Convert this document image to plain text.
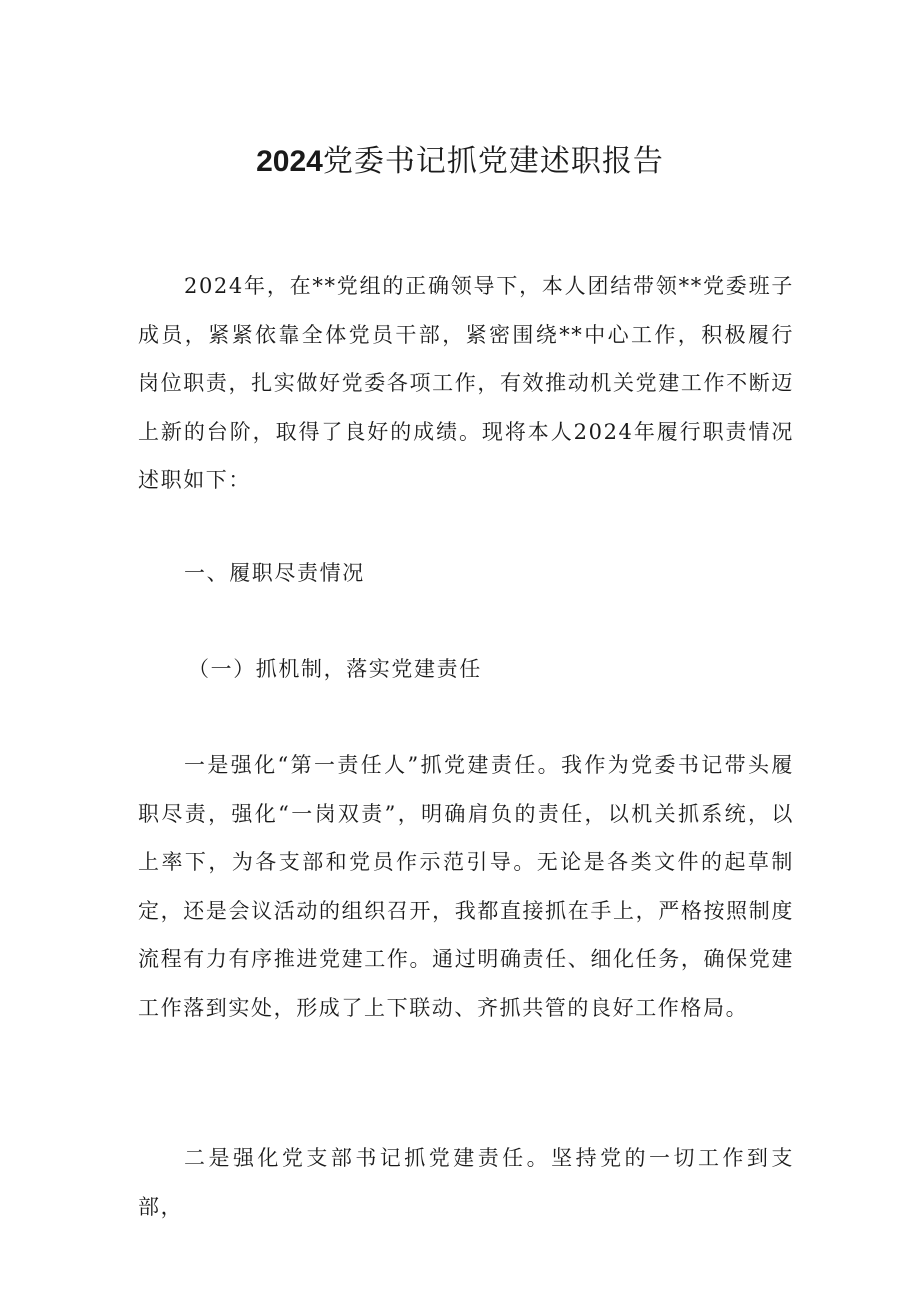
2024党委书记抓党建述职报告

2024年，在**党组的正确领导下，本人团结带领**党委班子成员，紧紧依靠全体党员干部，紧密围绕**中心工作，积极履行岗位职责，扎实做好党委各项工作，有效推动机关党建工作不断迈上新的台阶，取得了良好的成绩。现将本人2024年履行职责情况述职如下：

一、履职尽责情况

（一）抓机制，落实党建责任

一是强化“第一责任人”抓党建责任。我作为党委书记带头履职尽责，强化“一岗双责”，明确肩负的责任，以机关抓系统，以上率下，为各支部和党员作示范引导。无论是各类文件的起草制定，还是会议活动的组织召开，我都直接抓在手上，严格按照制度流程有力有序推进党建工作。通过明确责任、细化任务，确保党建工作落到实处，形成了上下联动、齐抓共管的良好工作格局。

二是强化党支部书记抓党建责任。坚持党的一切工作到支部，
